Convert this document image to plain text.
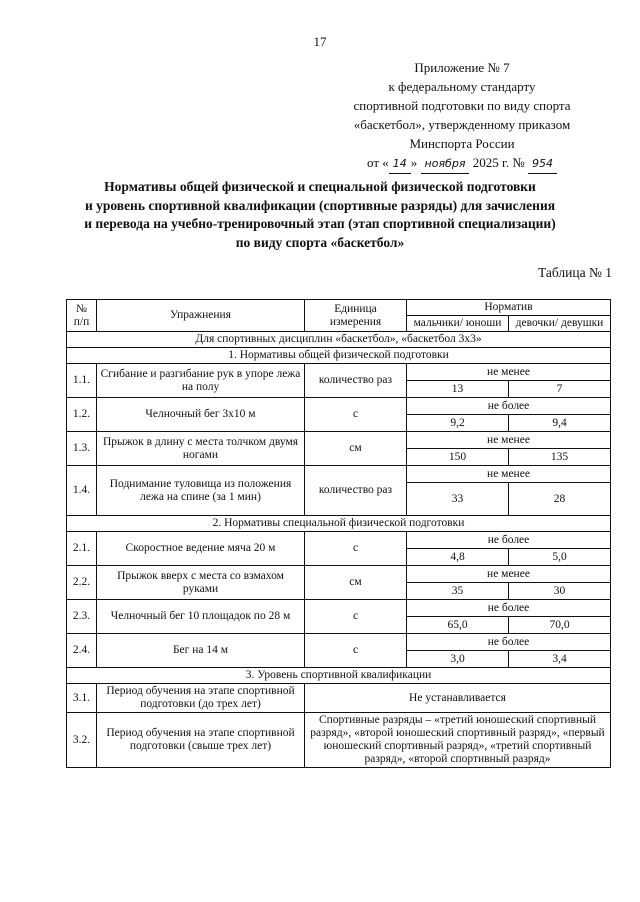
17
Приложение № 7
к федеральному стандарту
спортивной подготовки по виду спорта
«баскетбол», утвержденному приказом
Минспорта России
от « 14 » ноября 2025 г. № 954
Нормативы общей физической и специальной физической подготовки
и уровень спортивной квалификации (спортивные разряды) для зачисления
и перевода на учебно-тренировочный этап (этап спортивной специализации)
по виду спорта «баскетбол»
Таблица № 1
№ п/п	Упражнения	Единица измерения	Норматив	
			мальчики/ юноши	девочки/ девушки
Для спортивных дисциплин «баскетбол», «баскетбол 3х3»				
1. Нормативы общей физической подготовки				
1.1.	Сгибание и разгибание рук в упоре лежа на полу	количество раз	не менее	
			13	7
1.2.	Челночный бег 3х10 м	с	не более	
			9,2	9,4
1.3.	Прыжок в длину с места толчком двумя ногами	см	не менее	
			150	135
1.4.	Поднимание туловища из положения лежа на спине (за 1 мин)	количество раз	не менее	
			33	28
2. Нормативы специальной физической подготовки				
2.1.	Скоростное ведение мяча 20 м	с	не более	
			4,8	5,0
2.2.	Прыжок вверх с места со взмахом руками	см	не менее	
			35	30
2.3.	Челночный бег 10 площадок по 28 м	с	не более	
			65,0	70,0
2.4.	Бег на 14 м	с	не более	
			3,0	3,4
3. Уровень спортивной квалификации				
3.1.	Период обучения на этапе спортивной подготовки (до трех лет)	Не устанавливается		
3.2.	Период обучения на этапе спортивной подготовки (свыше трех лет)	Спортивные разряды – «третий юношеский спортивный разряд», «второй юношеский спортивный разряд», «первый юношеский спортивный разряд», «третий спортивный разряд», «второй спортивный разряд»		
